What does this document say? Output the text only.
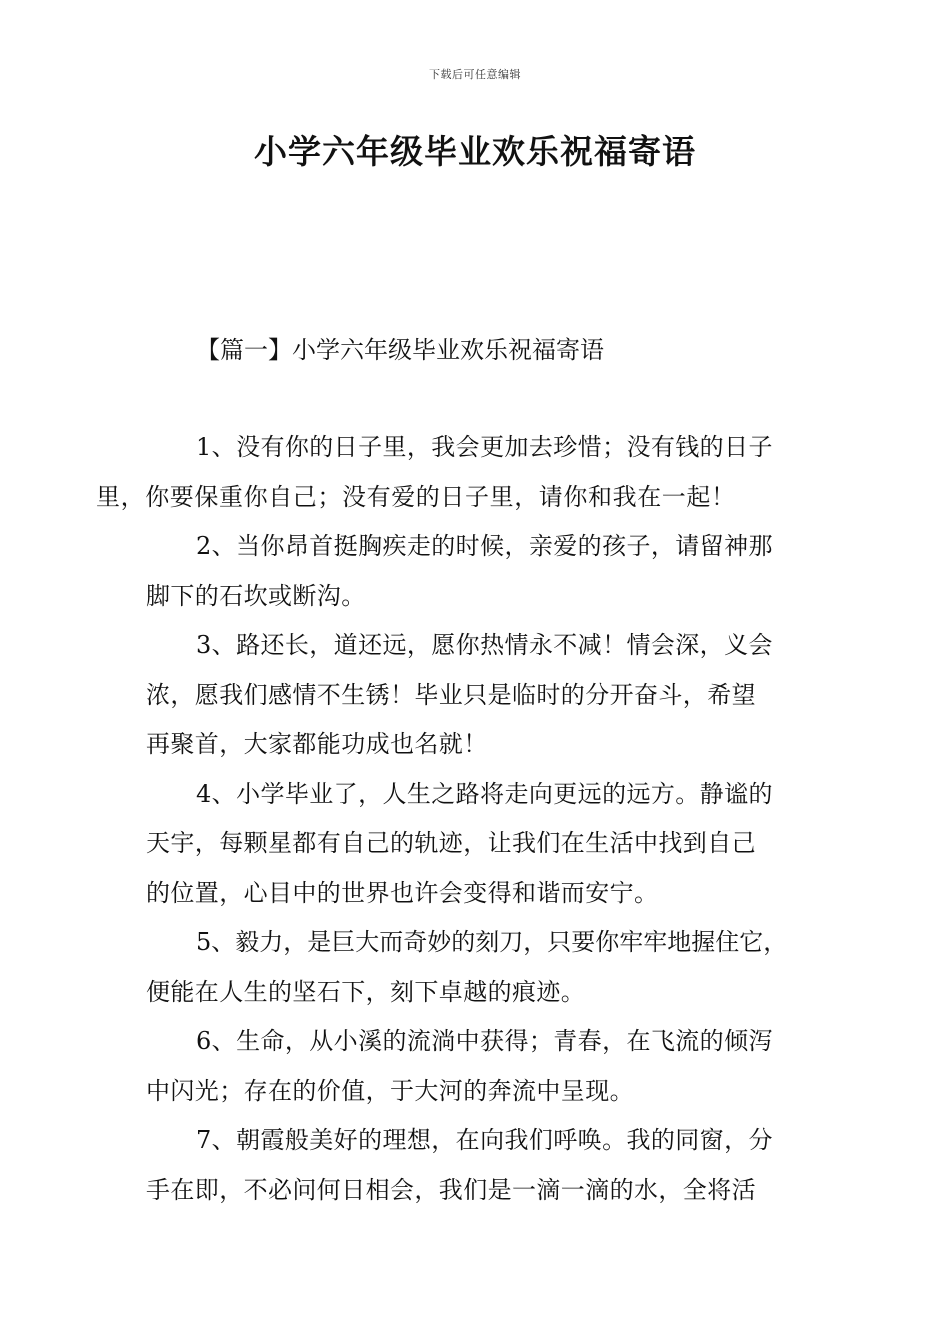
下载后可任意编辑
小学六年级毕业欢乐祝福寄语
【篇一】小学六年级毕业欢乐祝福寄语

1、没有你的日子里，我会更加去珍惜；没有钱的日子
里，你要保重你自己；没有爱的日子里，请你和我在一起！

2、当你昂首挺胸疾走的时候，亲爱的孩子，请留神那
脚下的石坎或断沟。

3、路还长，道还远，愿你热情永不减！情会深，义会
浓，愿我们感情不生锈！毕业只是临时的分开奋斗，希望
再聚首，大家都能功成也名就！

4、小学毕业了，人生之路将走向更远的远方。静谧的
天宇，每颗星都有自己的轨迹，让我们在生活中找到自己
的位置，心目中的世界也许会变得和谐而安宁。

5、毅力，是巨大而奇妙的刻刀，只要你牢牢地握住它，
便能在人生的坚石下，刻下卓越的痕迹。

6、生命，从小溪的流淌中获得；青春，在飞流的倾泻
中闪光；存在的价值，于大河的奔流中呈现。

7、朝霞般美好的理想，在向我们呼唤。我的同窗，分
手在即，不必问何日相会，我们是一滴一滴的水，全将活
